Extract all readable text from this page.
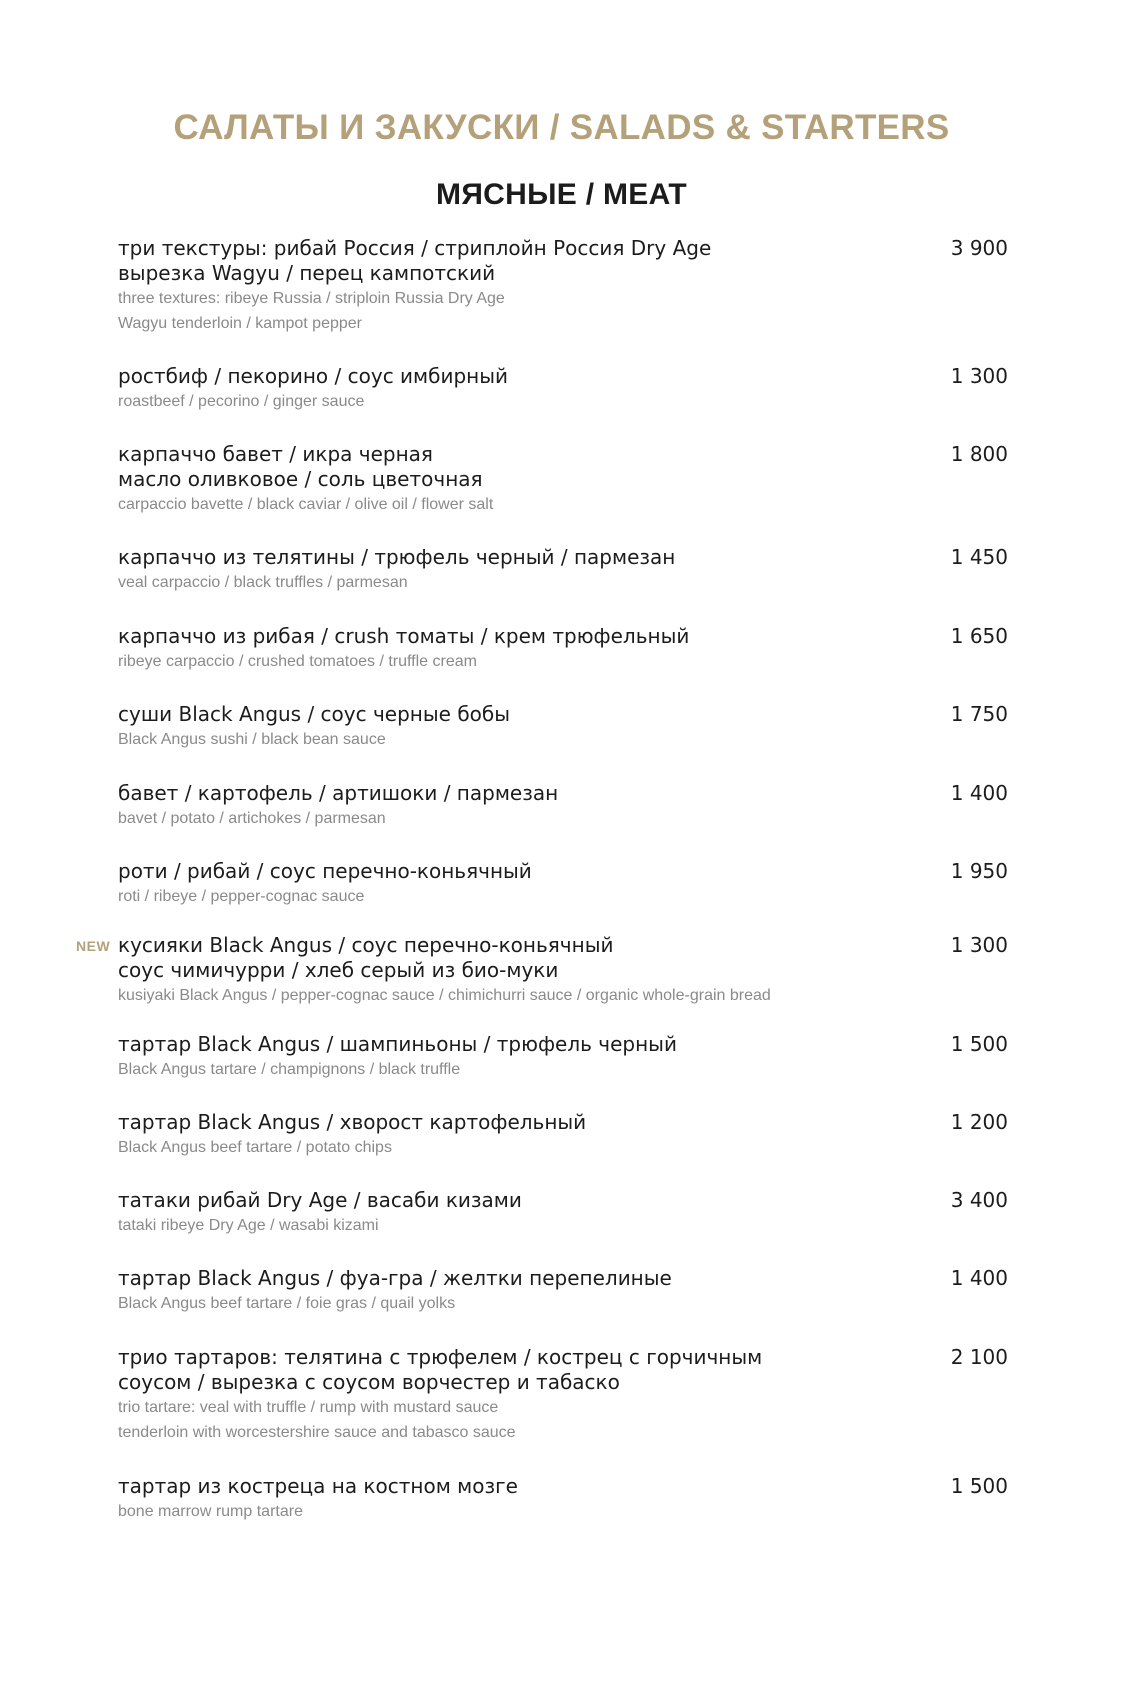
САЛАТЫ И ЗАКУСКИ / SALADS & STARTERS
МЯСНЫЕ / MEAT
три текстуры: рибай Россия / стриплойн Россия Dry Age
вырезка Wagyu / перец кампотский
three textures: ribeye Russia / striploin Russia Dry Age
Wagyu tenderloin / kampot pepper
3 900
ростбиф / пекорино / соус имбирный
roastbeef / pecorino / ginger sauce
1 300
карпаччо бавет / икра черная
масло оливковое / соль цветочная
carpaccio bavette / black caviar / olive oil / flower salt
1 800
карпаччо из телятины / трюфель черный / пармезан
veal carpaccio / black truffles / parmesan
1 450
карпаччо из рибая / crush томаты / крем трюфельный
ribeye carpaccio / crushed tomatoes / truffle cream
1 650
суши Black Angus / соус черные бобы
Black Angus sushi / black bean sauce
1 750
бавет / картофель / артишоки / пармезан
bavet / potato / artichokes / parmesan
1 400
роти / рибай / соус перечно-коньячный
roti / ribeye / pepper-cognac sauce
1 950
NEW кусияки Black Angus / соус перечно-коньячный
соус чимичурри / хлеб серый из био-муки
kusiyaki Black Angus / pepper-cognac sauce / chimichurri sauce / organic whole-grain bread
1 300
тартар Black Angus / шампиньоны / трюфель черный
Black Angus tartare / champignons / black truffle
1 500
тартар Black Angus / хворост картофельный
Black Angus beef tartare / potato chips
1 200
татаки рибай Dry Age / васаби кизами
tataki ribeye Dry Age / wasabi kizami
3 400
тартар Black Angus / фуа-гра / желтки перепелиные
Black Angus beef tartare / foie gras / quail yolks
1 400
трио тартаров: телятина с трюфелем / кострец с горчичным
соусом / вырезка с соусом ворчестер и табаско
trio tartare: veal with truffle / rump with mustard sauce
tenderloin with worcestershire sauce and tabasco sauce
2 100
тартар из костреца на костном мозге
bone marrow rump tartare
1 500
